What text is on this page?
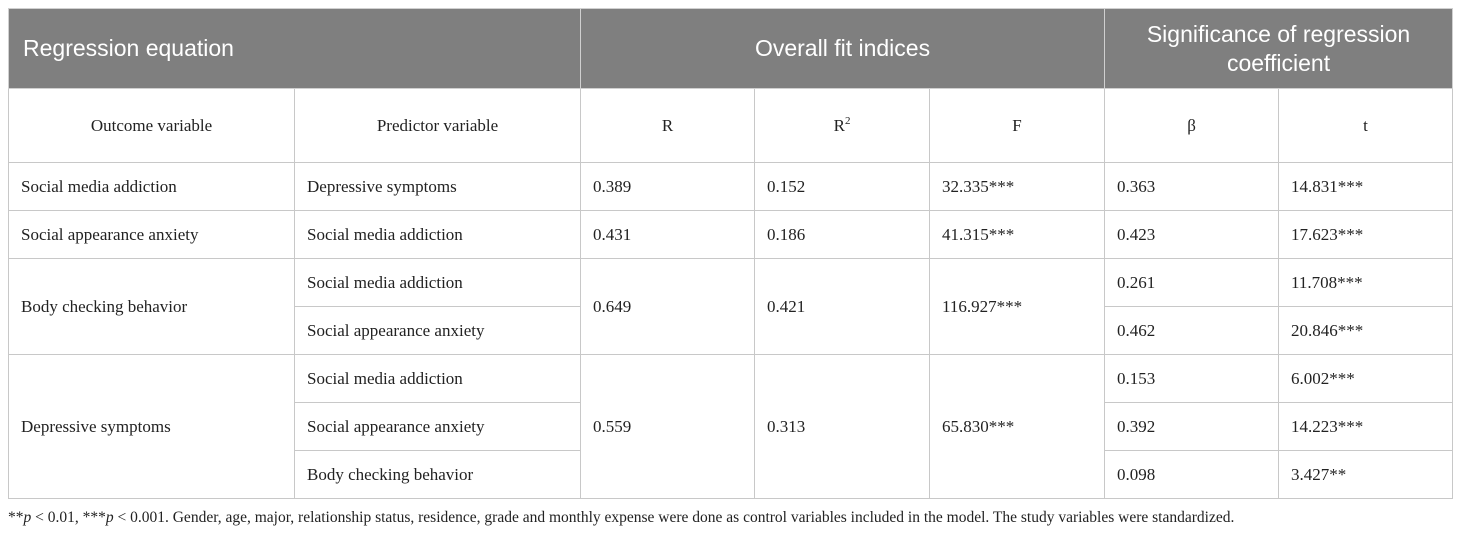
Regression equation		Overall fit indices			Significance of regression coefficient	
Outcome variable	Predictor variable	R	$R^2$	F	β	t
Social media addiction	Depressive symptoms	0.389	0.152	32.335***	0.363	14.831***
Social appearance anxiety	Social media addiction	0.431	0.186	41.315***	0.423	17.623***
Body checking behavior	Social media addiction	0.649	0.421	116.927***	0.261	11.708***
	Social appearance anxiety				0.462	20.846***
Depressive symptoms	Social media addiction	0.559	0.313	65.830***	0.153	6.002***
	Social appearance anxiety				0.392	14.223***
	Body checking behavior				0.098	3.427**
**p < 0.01, ***p < 0.001. Gender, age, major, relationship status, residence, grade and monthly expense were done as control variables included in the model. The study variables were standardized.
